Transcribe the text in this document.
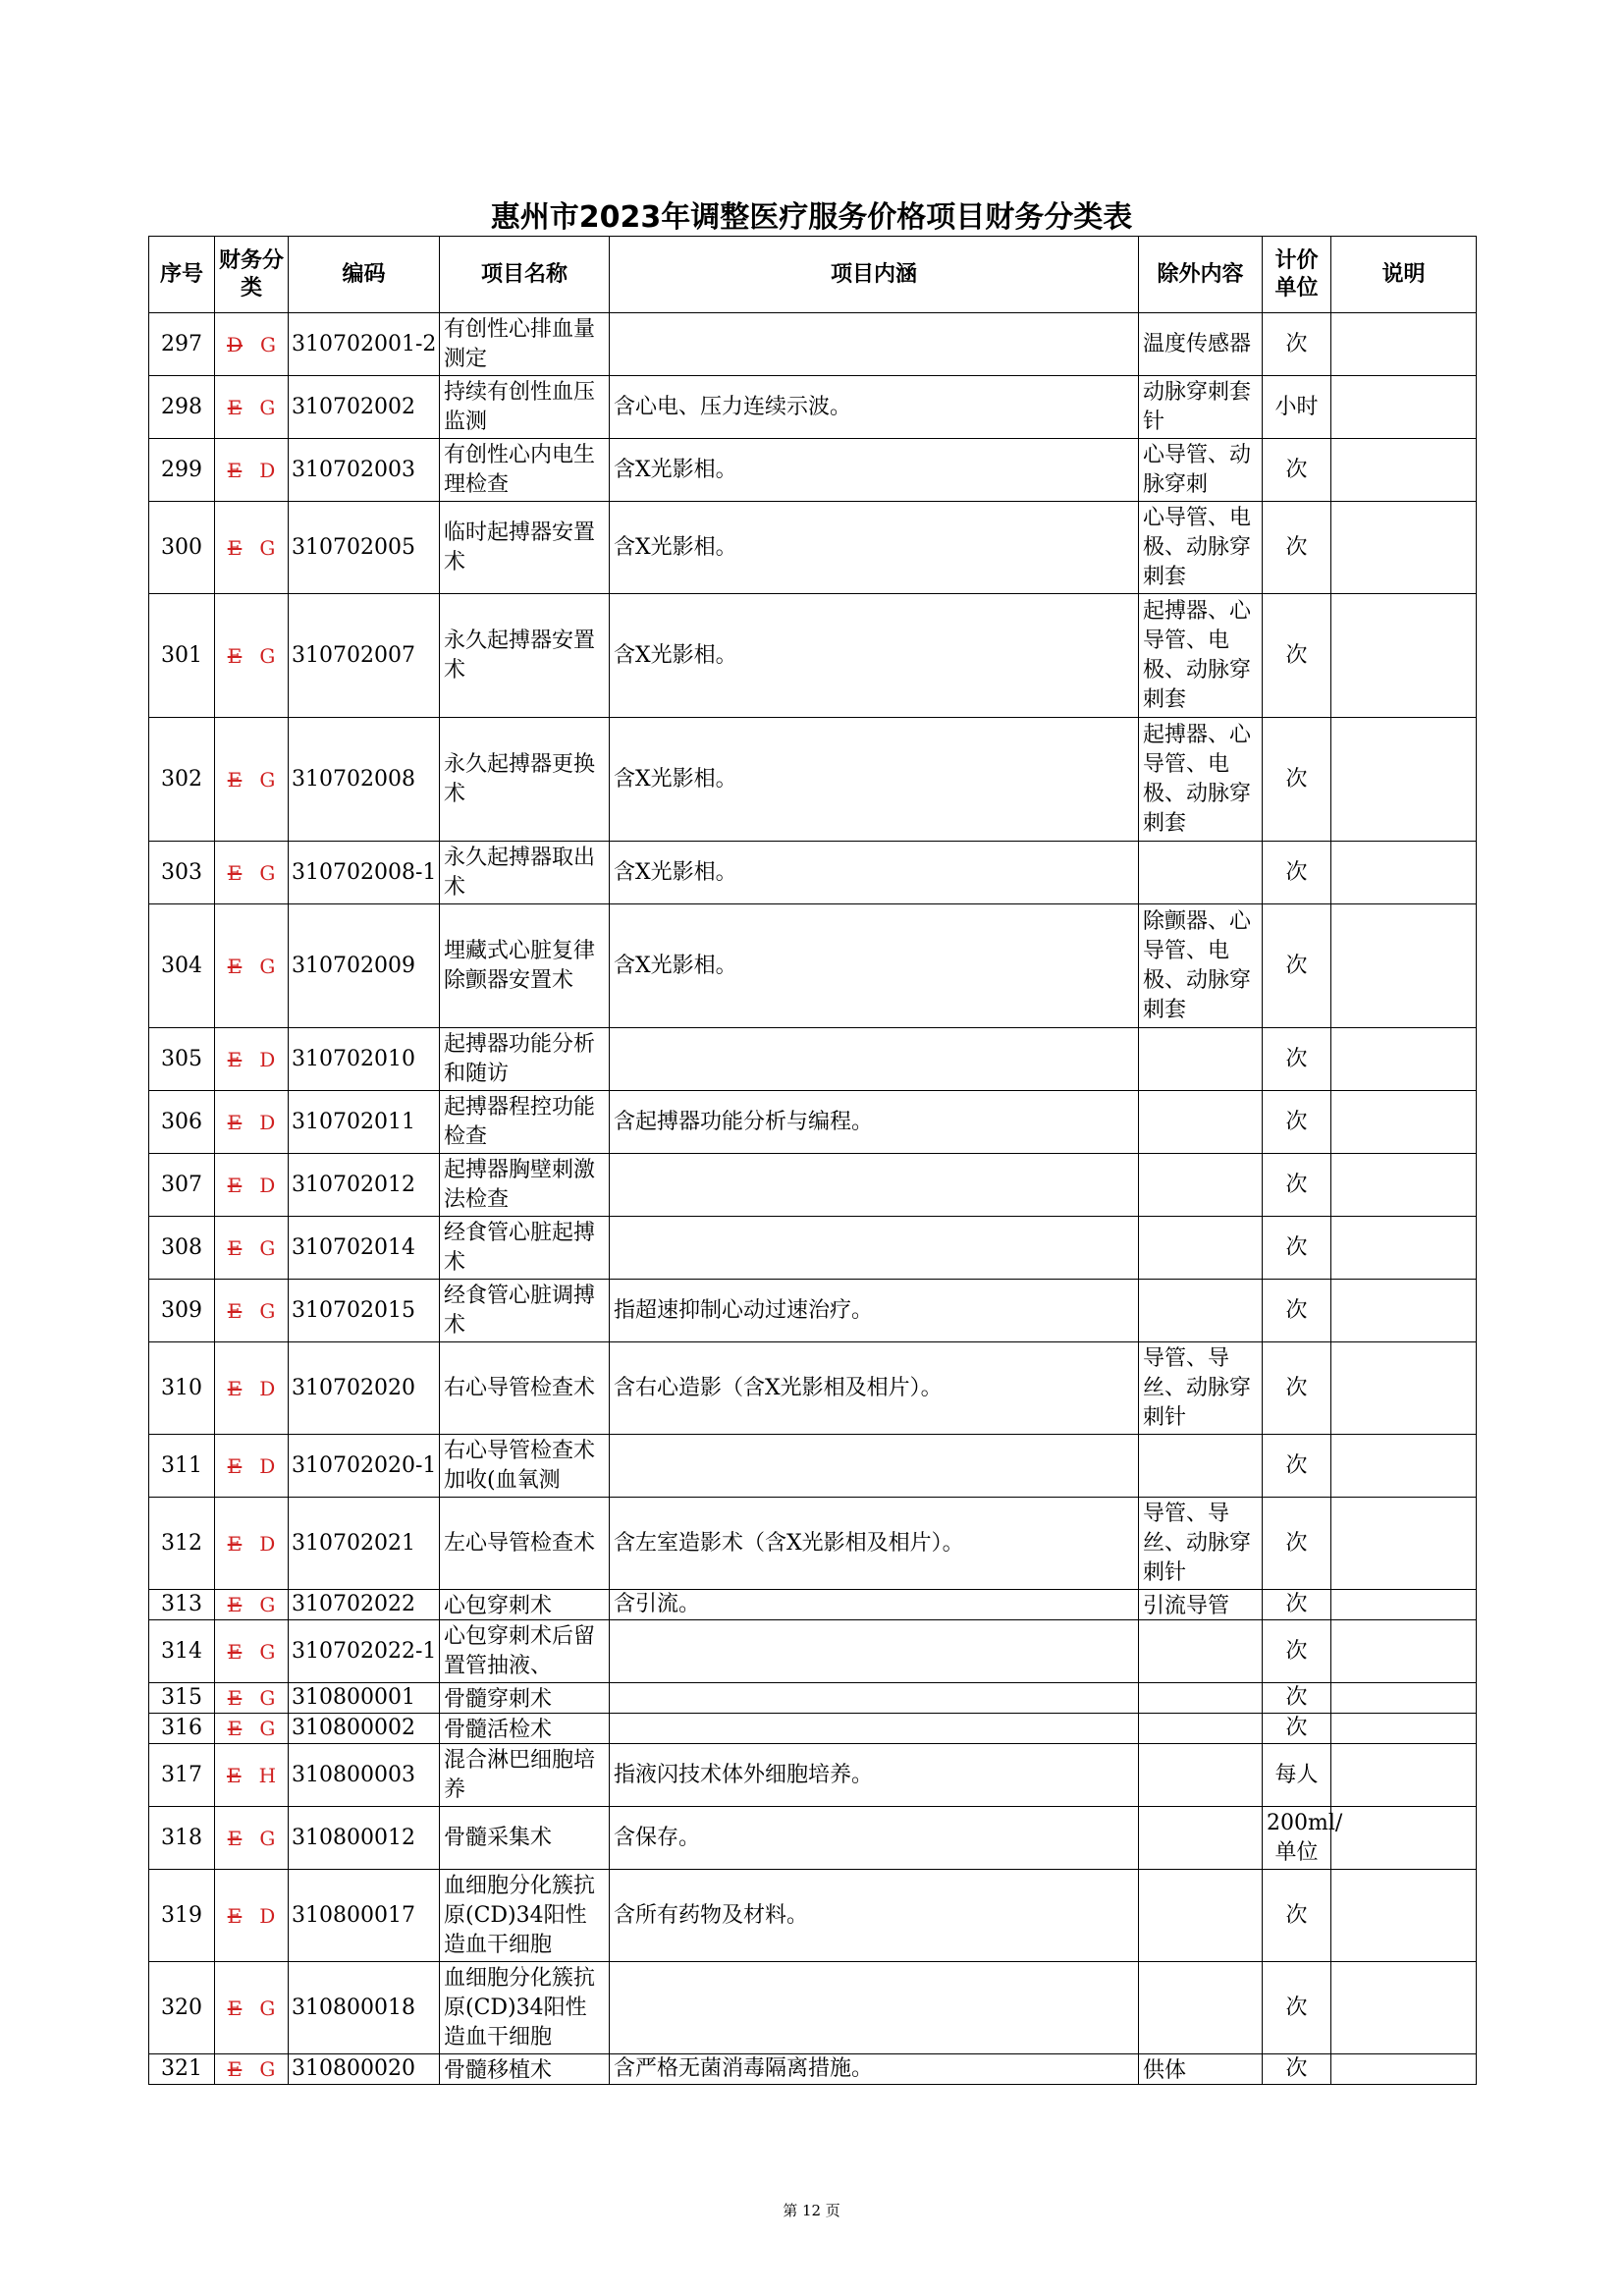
惠州市2023年调整医疗服务价格项目财务分类表
序号	财务分类	编码	项目名称	项目内涵	除外内容	计价单位	说明
297	D G	310702001-2	有创性心排血量测定		温度传感器	次	
298	E G	310702002	持续有创性血压监测	含心电、压力连续示波。	动脉穿刺套针	小时	
299	E D	310702003	有创性心内电生理检查	含X光影相。	心导管、动脉穿刺	次	
300	E G	310702005	临时起搏器安置术	含X光影相。	心导管、电极、动脉穿刺套	次	
301	E G	310702007	永久起搏器安置术	含X光影相。	起搏器、心导管、电极、动脉穿刺套	次	
302	E G	310702008	永久起搏器更换术	含X光影相。	起搏器、心导管、电极、动脉穿刺套	次	
303	E G	310702008-1	永久起搏器取出术	含X光影相。		次	
304	E G	310702009	埋藏式心脏复律除颤器安置术	含X光影相。	除颤器、心导管、电极、动脉穿刺套	次	
305	E D	310702010	起搏器功能分析和随访			次	
306	E D	310702011	起搏器程控功能检查	含起搏器功能分析与编程。		次	
307	E D	310702012	起搏器胸壁刺激法检查			次	
308	E G	310702014	经食管心脏起搏术			次	
309	E G	310702015	经食管心脏调搏术	指超速抑制心动过速治疗。		次	
310	E D	310702020	右心导管检查术	含右心造影（含X光影相及相片）。	导管、导丝、动脉穿刺针	次	
311	E D	310702020-1	右心导管检查术加收(血氧测			次	
312	E D	310702021	左心导管检查术	含左室造影术（含X光影相及相片）。	导管、导丝、动脉穿刺针	次	
313	E G	310702022	心包穿刺术	含引流。	引流导管	次	
314	E G	310702022-1	心包穿刺术后留置管抽液、			次	
315	E G	310800001	骨髓穿刺术			次	
316	E G	310800002	骨髓活检术			次	
317	E H	310800003	混合淋巴细胞培养	指液闪技术体外细胞培养。		每人	
318	E G	310800012	骨髓采集术	含保存。		200ml/单位	
319	E D	310800017	血细胞分化簇抗原(CD)34阳性造血干细胞	含所有药物及材料。		次	
320	E G	310800018	血细胞分化簇抗原(CD)34阳性造血干细胞			次	
321	E G	310800020	骨髓移植术	含严格无菌消毒隔离措施。	供体	次	
第 12 页
